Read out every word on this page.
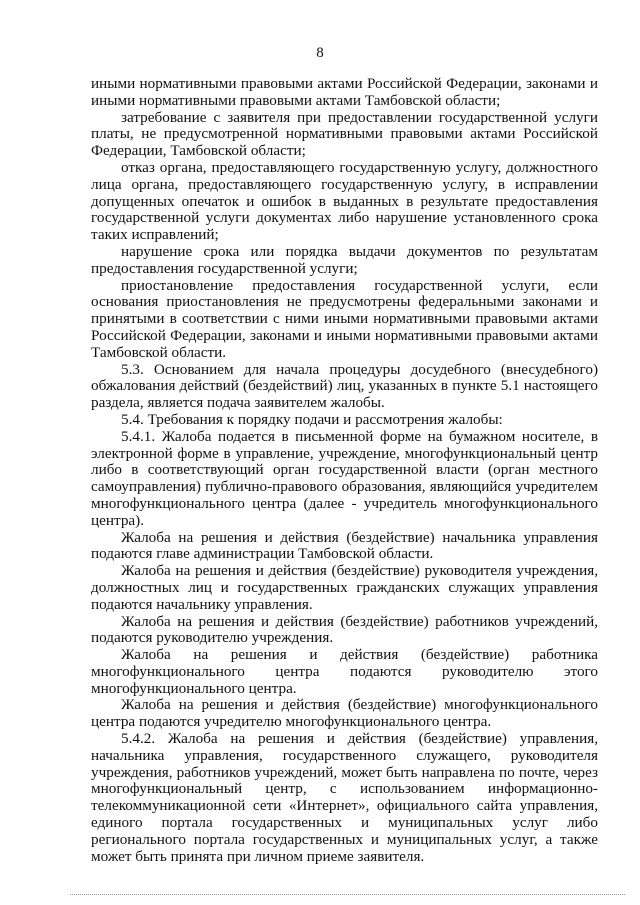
8

иными нормативными правовыми актами Российской Федерации, законами и иными нормативными правовыми актами Тамбовской области;

затребование с заявителя при предоставлении государственной услуги платы, не предусмотренной нормативными правовыми актами Российской Федерации, Тамбовской области;

отказ органа, предоставляющего государственную услугу, должностного лица органа, предоставляющего государственную услугу, в исправлении допущенных опечаток и ошибок в выданных в результате предоставления государственной услуги документах либо нарушение установленного срока таких исправлений;

нарушение срока или порядка выдачи документов по результатам предоставления государственной услуги;

приостановление предоставления государственной услуги, если основания приостановления не предусмотрены федеральными законами и принятыми в соответствии с ними иными нормативными правовыми актами Российской Федерации, законами и иными нормативными правовыми актами Тамбовской области.

5.3. Основанием для начала процедуры досудебного (внесудебного) обжалования действий (бездействий) лиц, указанных в пункте 5.1 настоящего раздела, является подача заявителем жалобы.

5.4. Требования к порядку подачи и рассмотрения жалобы:

5.4.1. Жалоба подается в письменной форме на бумажном носителе, в электронной форме в управление, учреждение, многофункциональный центр либо в соответствующий орган государственной власти (орган местного самоуправления) публично-правового образования, являющийся учредителем многофункционального центра (далее - учредитель многофункционального центра).

Жалоба на решения и действия (бездействие) начальника управления подаются главе администрации Тамбовской области.

Жалоба на решения и действия (бездействие) руководителя учреждения, должностных лиц и государственных гражданских служащих управления подаются начальнику управления.

Жалоба на решения и действия (бездействие) работников учреждений, подаются руководителю учреждения.

Жалоба на решения и действия (бездействие) работника многофункционального центра подаются руководителю этого многофункционального центра.

Жалоба на решения и действия (бездействие) многофункционального центра подаются учредителю многофункционального центра.

5.4.2. Жалоба на решения и действия (бездействие) управления, начальника управления, государственного служащего, руководителя учреждения, работников учреждений, может быть направлена по почте, через многофункциональный центр, с использованием информационно-телекоммуникационной сети «Интернет», официального сайта управления, единого портала государственных и муниципальных услуг либо регионального портала государственных и муниципальных услуг, а также может быть принята при личном приеме заявителя.
